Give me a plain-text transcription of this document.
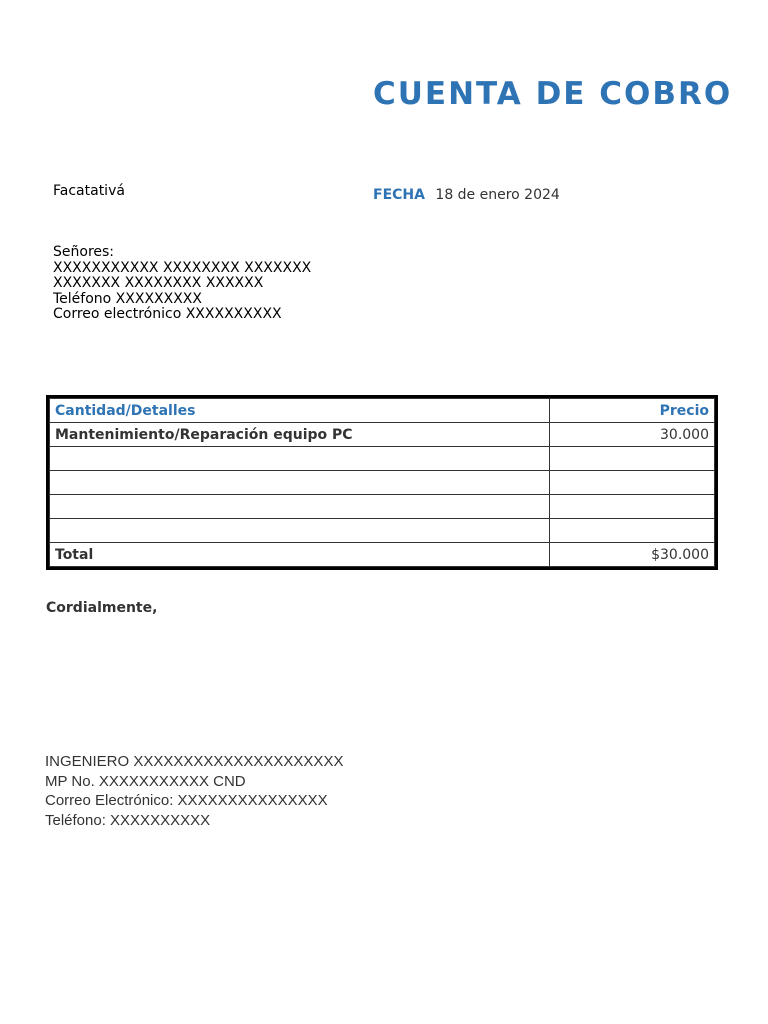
CUENTA DE COBRO
Facatativá	FECHA 18 de enero 2024
Señores:
XXXXXXXXXXX XXXXXXXX XXXXXXX
XXXXXXX XXXXXXXX XXXXXX
Teléfono XXXXXXXXX
Correo electrónico XXXXXXXXXX
Cantidad/Detalles	Precio
Mantenimiento/Reparación equipo PC	30.000

Total	$30.000
Cordialmente,
INGENIERO XXXXXXXXXXXXXXXXXXXXX
MP No. XXXXXXXXXXX CND
Correo Electrónico: XXXXXXXXXXXXXXX
Teléfono: XXXXXXXXXX
